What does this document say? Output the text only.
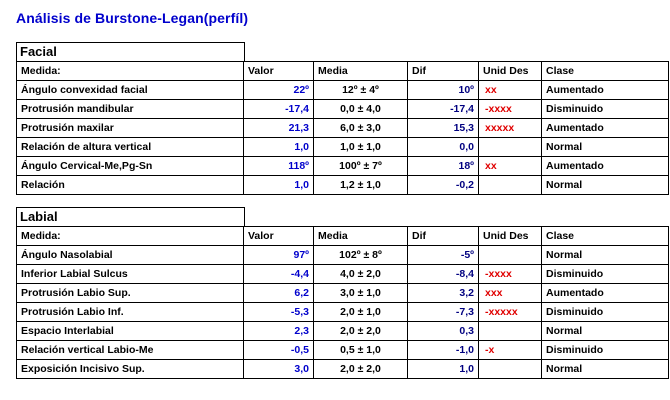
Análisis de Burstone-Legan(perfíl)
Facial
Medida:	Valor	Media	Dif	Unid Des	Clase
Ángulo convexidad facial	22º	12º ± 4º	10º	xx	Aumentado
Protrusión mandibular	-17,4	0,0 ± 4,0	-17,4	-xxxx	Disminuido
Protrusión maxilar	21,3	6,0 ± 3,0	15,3	xxxxx	Aumentado
Relación de altura vertical	1,0	1,0 ± 1,0	0,0		Normal
Ángulo Cervical-Me,Pg-Sn	118º	100º ± 7º	18º	xx	Aumentado
Relación	1,0	1,2 ± 1,0	-0,2		Normal
Labial
Medida:	Valor	Media	Dif	Unid Des	Clase
Ángulo Nasolabial	97º	102º ± 8º	-5º		Normal
Inferior Labial Sulcus	-4,4	4,0 ± 2,0	-8,4	-xxxx	Disminuido
Protrusión Labio Sup.	6,2	3,0 ± 1,0	3,2	xxx	Aumentado
Protrusión Labio Inf.	-5,3	2,0 ± 1,0	-7,3	-xxxxx	Disminuido
Espacio Interlabial	2,3	2,0 ± 2,0	0,3		Normal
Relación vertical Labio-Me	-0,5	0,5 ± 1,0	-1,0	-x	Disminuido
Exposición Incisivo Sup.	3,0	2,0 ± 2,0	1,0		Normal
